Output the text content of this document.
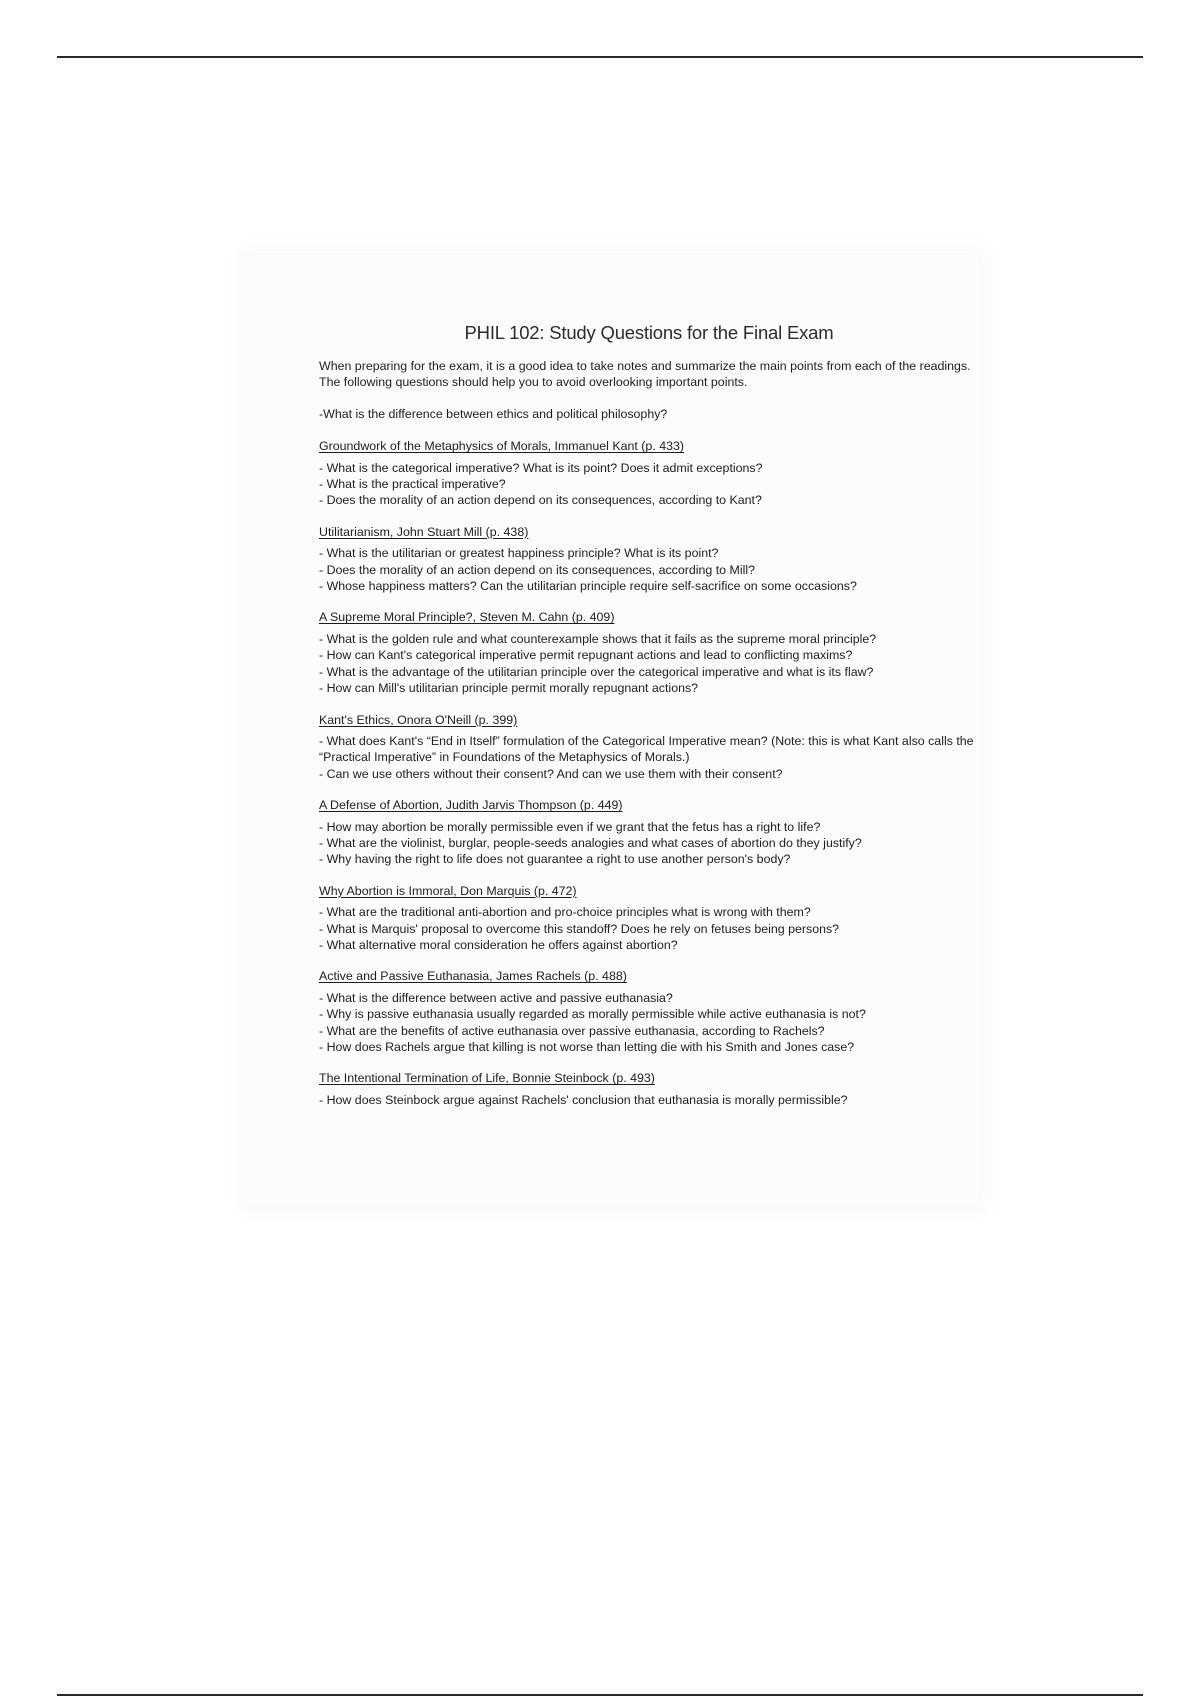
PHIL 102: Study Questions for the Final Exam

When preparing for the exam, it is a good idea to take notes and summarize the main points from each of the readings. The following questions should help you to avoid overlooking important points.

-What is the difference between ethics and political philosophy?

Groundwork of the Metaphysics of Morals, Immanuel Kant (p. 433)

- What is the categorical imperative? What is its point? Does it admit exceptions?
- What is the practical imperative?
- Does the morality of an action depend on its consequences, according to Kant?

Utilitarianism, John Stuart Mill (p. 438)

- What is the utilitarian or greatest happiness principle? What is its point?
- Does the morality of an action depend on its consequences, according to Mill?
- Whose happiness matters? Can the utilitarian principle require self-sacrifice on some occasions?

A Supreme Moral Principle?, Steven M. Cahn (p. 409)

- What is the golden rule and what counterexample shows that it fails as the supreme moral principle?
- How can Kant's categorical imperative permit repugnant actions and lead to conflicting maxims?
- What is the advantage of the utilitarian principle over the categorical imperative and what is its flaw?
- How can Mill's utilitarian principle permit morally repugnant actions?

Kant's Ethics, Onora O'Neill (p. 399)

- What does Kant's “End in Itself” formulation of the Categorical Imperative mean? (Note: this is what Kant also calls the “Practical Imperative” in Foundations of the Metaphysics of Morals.)
- Can we use others without their consent? And can we use them with their consent?

A Defense of Abortion, Judith Jarvis Thompson (p. 449)

- How may abortion be morally permissible even if we grant that the fetus has a right to life?
- What are the violinist, burglar, people-seeds analogies and what cases of abortion do they justify?
- Why having the right to life does not guarantee a right to use another person's body?

Why Abortion is Immoral, Don Marquis (p. 472)

- What are the traditional anti-abortion and pro-choice principles what is wrong with them?
- What is Marquis' proposal to overcome this standoff? Does he rely on fetuses being persons?
- What alternative moral consideration he offers against abortion?

Active and Passive Euthanasia, James Rachels (p. 488)

- What is the difference between active and passive euthanasia?
- Why is passive euthanasia usually regarded as morally permissible while active euthanasia is not?
- What are the benefits of active euthanasia over passive euthanasia, according to Rachels?
- How does Rachels argue that killing is not worse than letting die with his Smith and Jones case?

The Intentional Termination of Life, Bonnie Steinbock (p. 493)

- How does Steinbock argue against Rachels' conclusion that euthanasia is morally permissible?
